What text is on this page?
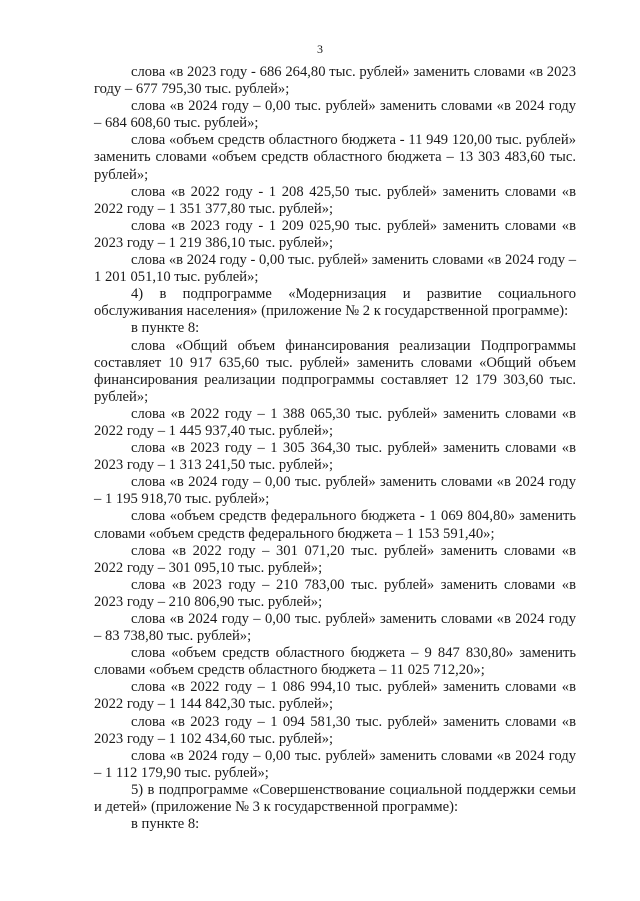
3

слова «в 2023 году - 686 264,80 тыс. рублей» заменить словами «в 2023 году – 677 795,30 тыс. рублей»;

слова «в 2024 году – 0,00 тыс. рублей» заменить словами «в 2024 году – 684 608,60 тыс. рублей»;

слова «объем средств областного бюджета - 11 949 120,00 тыс. рублей» заменить словами «объем средств областного бюджета – 13 303 483,60 тыс. рублей»;

слова «в 2022 году - 1 208 425,50 тыс. рублей» заменить словами «в 2022 году – 1 351 377,80 тыс. рублей»;

слова «в 2023 году - 1 209 025,90 тыс. рублей» заменить словами «в 2023 году – 1 219 386,10 тыс. рублей»;

слова «в 2024 году - 0,00 тыс. рублей» заменить словами «в 2024 году – 1 201 051,10 тыс. рублей»;

4) в подпрограмме «Модернизация и развитие социального обслуживания населения» (приложение № 2 к государственной программе):

в пункте 8:

слова «Общий объем финансирования реализации Подпрограммы составляет 10 917 635,60 тыс. рублей» заменить словами «Общий объем финансирования реализации подпрограммы составляет 12 179 303,60 тыс. рублей»;

слова «в 2022 году – 1 388 065,30 тыс. рублей» заменить словами «в 2022 году – 1 445 937,40 тыс. рублей»;

слова «в 2023 году – 1 305 364,30 тыс. рублей» заменить словами «в 2023 году – 1 313 241,50 тыс. рублей»;

слова «в 2024 году – 0,00 тыс. рублей» заменить словами «в 2024 году – 1 195 918,70 тыс. рублей»;

слова «объем средств федерального бюджета - 1 069 804,80» заменить словами «объем средств федерального бюджета – 1 153 591,40»;

слова «в 2022 году – 301 071,20 тыс. рублей» заменить словами «в 2022 году – 301 095,10 тыс. рублей»;

слова «в 2023 году – 210 783,00 тыс. рублей» заменить словами «в 2023 году – 210 806,90 тыс. рублей»;

слова «в 2024 году – 0,00 тыс. рублей» заменить словами «в 2024 году – 83 738,80 тыс. рублей»;

слова «объем средств областного бюджета – 9 847 830,80» заменить словами «объем средств областного бюджета – 11 025 712,20»;

слова «в 2022 году – 1 086 994,10 тыс. рублей» заменить словами «в 2022 году – 1 144 842,30 тыс. рублей»;

слова «в 2023 году – 1 094 581,30 тыс. рублей» заменить словами «в 2023 году – 1 102 434,60 тыс. рублей»;

слова «в 2024 году – 0,00 тыс. рублей» заменить словами «в 2024 году – 1 112 179,90 тыс. рублей»;

5) в подпрограмме «Совершенствование социальной поддержки семьи и детей» (приложение № 3 к государственной программе):

в пункте 8:
